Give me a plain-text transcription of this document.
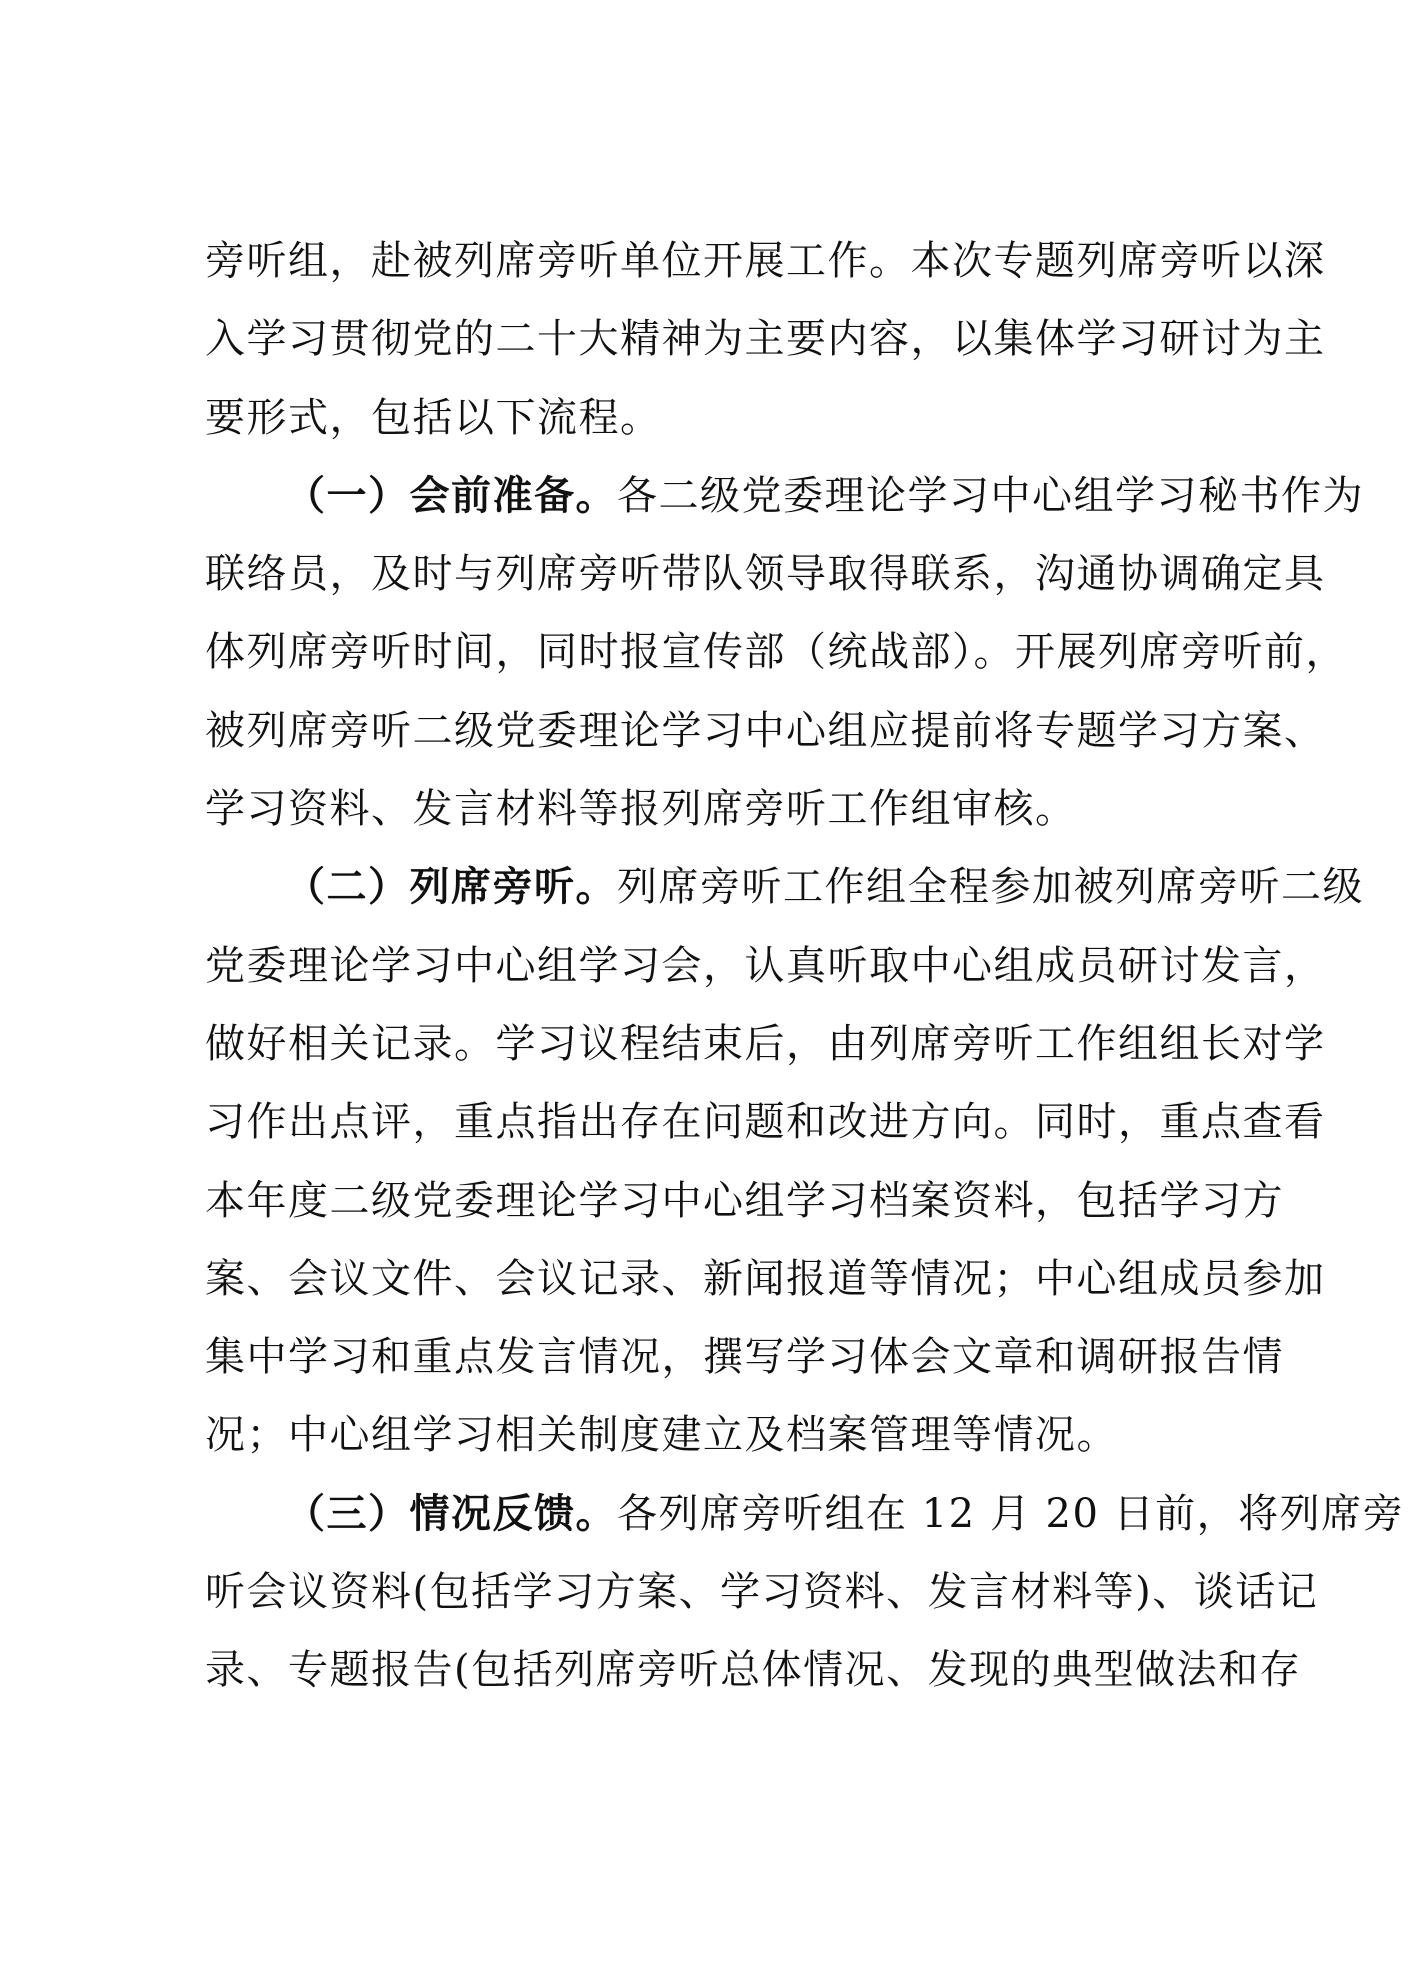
旁听组，赴被列席旁听单位开展工作。本次专题列席旁听以深
入学习贯彻党的二十大精神为主要内容，以集体学习研讨为主
要形式，包括以下流程。
（一）会前准备。各二级党委理论学习中心组学习秘书作为
联络员，及时与列席旁听带队领导取得联系，沟通协调确定具
体列席旁听时间，同时报宣传部（统战部）。开展列席旁听前，
被列席旁听二级党委理论学习中心组应提前将专题学习方案、
学习资料、发言材料等报列席旁听工作组审核。
（二）列席旁听。列席旁听工作组全程参加被列席旁听二级
党委理论学习中心组学习会，认真听取中心组成员研讨发言，
做好相关记录。学习议程结束后，由列席旁听工作组组长对学
习作出点评，重点指出存在问题和改进方向。同时，重点查看
本年度二级党委理论学习中心组学习档案资料，包括学习方
案、会议文件、会议记录、新闻报道等情况；中心组成员参加
集中学习和重点发言情况，撰写学习体会文章和调研报告情
况；中心组学习相关制度建立及档案管理等情况。
（三）情况反馈。各列席旁听组在 12 月 20 日前，将列席旁
听会议资料(包括学习方案、学习资料、发言材料等)、谈话记
录、专题报告(包括列席旁听总体情况、发现的典型做法和存
